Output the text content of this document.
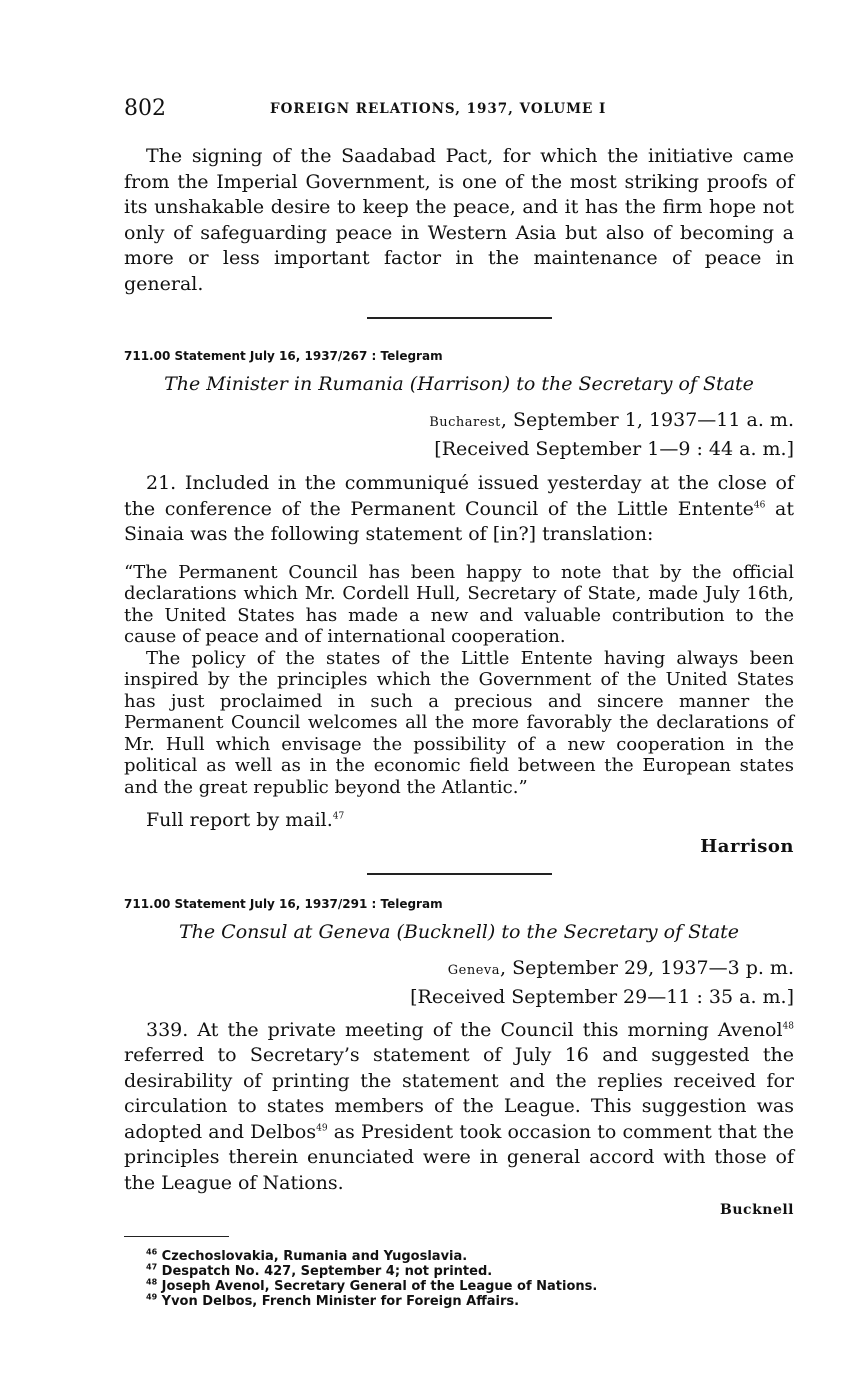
802	FOREIGN RELATIONS, 1937, VOLUME I

The signing of the Saadabad Pact, for which the initiative came from the Imperial Government, is one of the most striking proofs of its unshakable desire to keep the peace, and it has the firm hope not only of safeguarding peace in Western Asia but also of becoming a more or less important factor in the maintenance of peace in general.

711.00 Statement July 16, 1937/267 : Telegram

The Minister in Rumania (Harrison) to the Secretary of State

Bucharest, September 1, 1937—11 a. m.
[Received September 1—9 : 44 a. m.]

21. Included in the communiqué issued yesterday at the close of the conference of the Permanent Council of the Little Entente$^{46}$ at Sinaia was the following statement of [in?] translation:

“The Permanent Council has been happy to note that by the official declarations which Mr. Cordell Hull, Secretary of State, made July 16th, the United States has made a new and valuable contribution to the cause of peace and of international cooperation.

The policy of the states of the Little Entente having always been inspired by the principles which the Government of the United States has just proclaimed in such a precious and sincere manner the Permanent Council welcomes all the more favorably the declarations of Mr. Hull which envisage the possibility of a new cooperation in the political as well as in the economic field between the European states and the great republic beyond the Atlantic.”

Full report by mail.$^{47}$

Harrison

711.00 Statement July 16, 1937/291 : Telegram

The Consul at Geneva (Bucknell) to the Secretary of State

Geneva, September 29, 1937—3 p. m.
[Received September 29—11 : 35 a. m.]

339. At the private meeting of the Council this morning Avenol$^{48}$ referred to Secretary’s statement of July 16 and suggested the desirability of printing the statement and the replies received for circulation to states members of the League. This suggestion was adopted and Delbos$^{49}$ as President took occasion to comment that the principles therein enunciated were in general accord with those of the League of Nations.

Bucknell

$^{46}$ Czechoslovakia, Rumania and Yugoslavia.

$^{47}$ Despatch No. 427, September 4; not printed.

$^{48}$ Joseph Avenol, Secretary General of the League of Nations.

$^{49}$ Yvon Delbos, French Minister for Foreign Affairs.
